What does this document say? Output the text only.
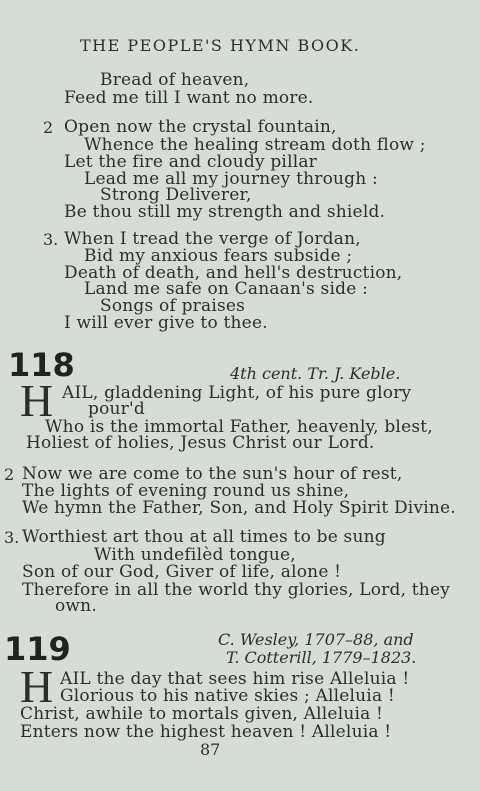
THE PEOPLE'S HYMN BOOK.
Bread of heaven,
Feed me till I want no more.
2 Open now the crystal fountain,
Whence the healing stream doth flow ;
Let the fire and cloudy pillar
Lead me all my journey through :
Strong Deliverer,
Be thou still my strength and shield.
3. When I tread the verge of Jordan,
Bid my anxious fears subside ;
Death of death, and hell's destruction,
Land me safe on Canaan's side :
Songs of praises
I will ever give to thee.
118	4th cent. Tr. J. Keble.
H AIL, gladdening Light, of his pure glory
pour'd
Who is the immortal Father, heavenly, blest,
Holiest of holies, Jesus Christ our Lord.
2 Now we are come to the sun's hour of rest,
The lights of evening round us shine,
We hymn the Father, Son, and Holy Spirit Divine.
3. Worthiest art thou at all times to be sung
With undefilèd tongue,
Son of our God, Giver of life, alone !
Therefore in all the world thy glories, Lord, they
own.
119	C. Wesley, 1707–88, and
T. Cotterill, 1779–1823.
H AIL the day that sees him rise Alleluia !
Glorious to his native skies ; Alleluia !
Christ, awhile to mortals given, Alleluia !
Enters now the highest heaven ! Alleluia !
87
